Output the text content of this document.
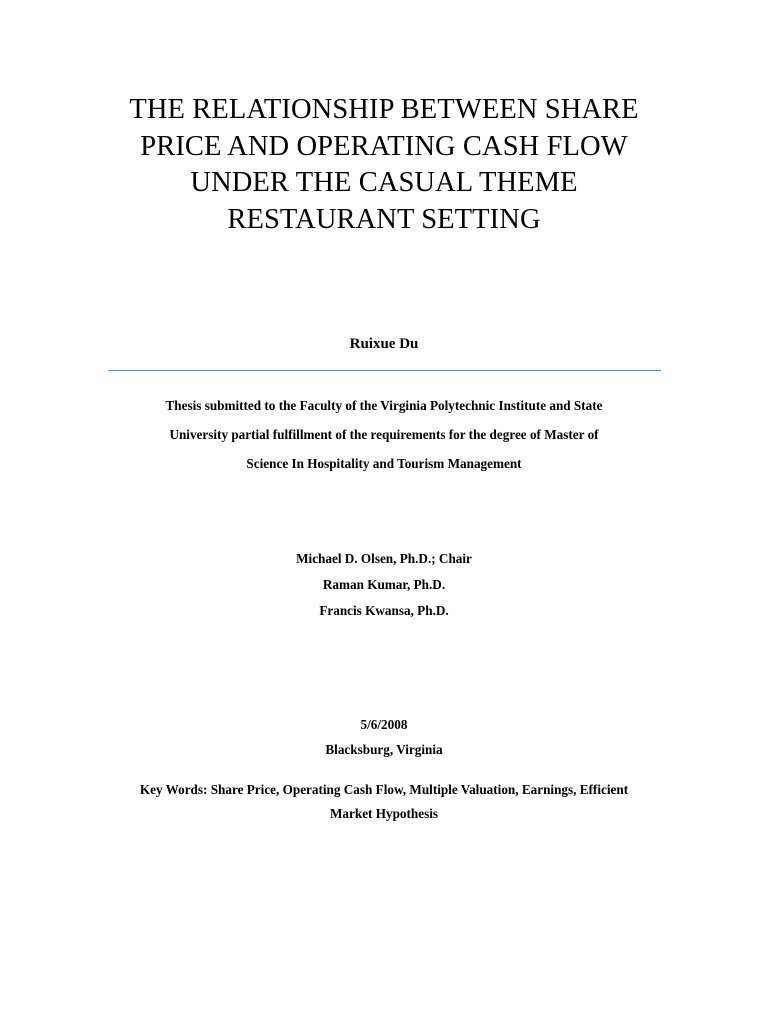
THE RELATIONSHIP BETWEEN SHARE
PRICE AND OPERATING CASH FLOW
UNDER THE CASUAL THEME
RESTAURANT SETTING
Ruixue Du
Thesis submitted to the Faculty of the Virginia Polytechnic Institute and State
University partial fulfillment of the requirements for the degree of Master of
Science In Hospitality and Tourism Management
Michael D. Olsen, Ph.D.; Chair
Raman Kumar, Ph.D.
Francis Kwansa, Ph.D.
5/6/2008
Blacksburg, Virginia
Key Words: Share Price, Operating Cash Flow, Multiple Valuation, Earnings, Efficient
Market Hypothesis
